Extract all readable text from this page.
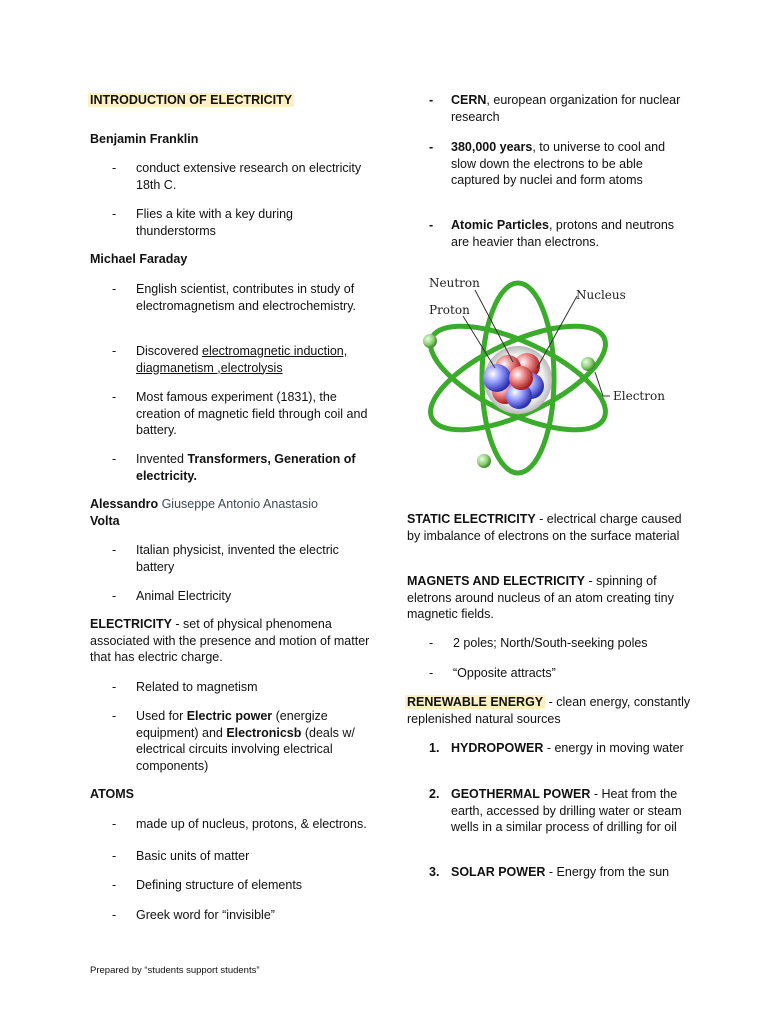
INTRODUCTION OF ELECTRICITY
Benjamin Franklin
- conduct extensive research on electricity 18th C.
- Flies a kite with a key during thunderstorms
Michael Faraday
- English scientist, contributes in study of electromagnetism and electrochemistry.
- Discovered electromagnetic induction, diagmanetism ,electrolysis
- Most famous experiment (1831), the creation of magnetic field through coil and battery.
- Invented Transformers, Generation of electricity.
Alessandro Giuseppe Antonio Anastasio
Volta
- Italian physicist, invented the electric battery
- Animal Electricity
ELECTRICITY - set of physical phenomena associated with the presence and motion of matter that has electric charge.
- Related to magnetism
- Used for Electric power (energize equipment) and Electronicsb (deals w/ electrical circuits involving electrical components)
ATOMS
- made up of nucleus, protons, & electrons.
- Basic units of matter
- Defining structure of elements
- Greek word for “invisible”
- CERN, european organization for nuclear research
- 380,000 years, to universe to cool and slow down the electrons to be able captured by nuclei and form atoms
- Atomic Particles, protons and neutrons are heavier than electrons.
STATIC ELECTRICITY - electrical charge caused by imbalance of electrons on the surface material
MAGNETS AND ELECTRICITY - spinning of eletrons around nucleus of an atom creating tiny magnetic fields.
- 2 poles; North/South-seeking poles
- “Opposite attracts”
RENEWABLE ENERGY - clean energy, constantly replenished natural sources
1. HYDROPOWER - energy in moving water
2. GEOTHERMAL POWER - Heat from the earth, accessed by drilling water or steam wells in a similar process of drilling for oil
3. SOLAR POWER - Energy from the sun
Neutron
Proton
Nucleus
Electron
Prepared by “students support students”
